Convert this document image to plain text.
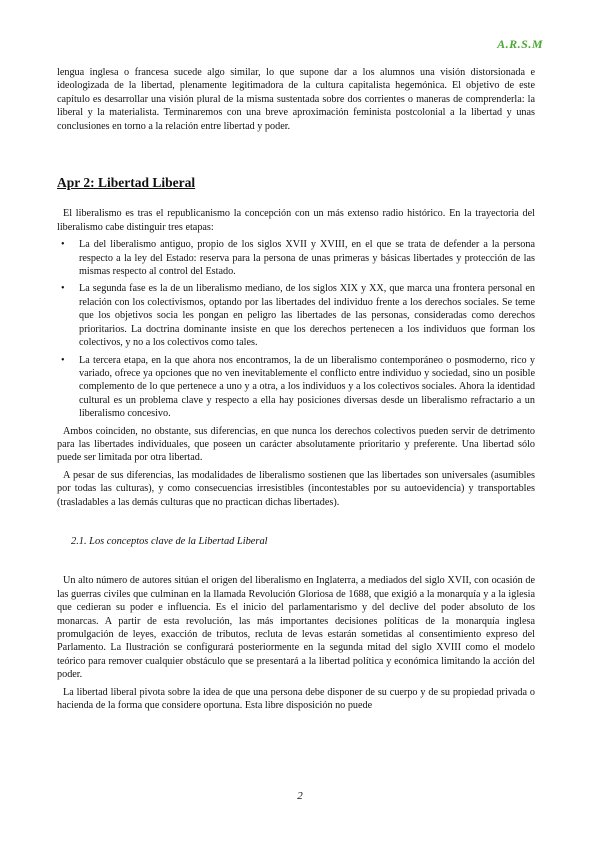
A.R.S.M

lengua inglesa o francesa sucede algo similar, lo que supone dar a los alumnos una visión distorsionada e ideologizada de la libertad, plenamente legitimadora de la cultura capitalista hegemónica. El objetivo de este capítulo es desarrollar una visión plural de la misma sustentada sobre dos corrientes o maneras de comprenderla: la liberal y la materialista. Terminaremos con una breve aproximación feminista postcolonial a la libertad y unas conclusiones en torno a la relación entre libertad y poder.

Apr 2: Libertad Liberal

El liberalismo es tras el republicanismo la concepción con un más extenso radio histórico. En la trayectoria del liberalismo cabe distinguir tres etapas:

• La del liberalismo antiguo, propio de los siglos XVII y XVIII, en el que se trata de defender a la persona respecto a la ley del Estado: reserva para la persona de unas primeras y básicas libertades y protección de las mismas respecto al control del Estado.
• La segunda fase es la de un liberalismo mediano, de los siglos XIX y XX, que marca una frontera personal en relación con los colectivismos, optando por las libertades del individuo frente a los derechos sociales. Se teme que los objetivos socia les pongan en peligro las libertades de las personas, consideradas como derechos prioritarios. La doctrina dominante insiste en que los derechos pertenecen a los individuos que forman los colectivos, y no a los colectivos como tales.
• La tercera etapa, en la que ahora nos encontramos, la de un liberalismo contemporáneo o posmoderno, rico y variado, ofrece ya opciones que no ven inevitablemente el conflicto entre individuo y sociedad, sino un posible complemento de lo que pertenece a uno y a otra, a los individuos y a los colectivos sociales. Ahora la identidad cultural es un problema clave y respecto a ella hay posiciones diversas desde un liberalismo refractario a un liberalismo concesivo.

Ambos coinciden, no obstante, sus diferencias, en que nunca los derechos colectivos pueden servir de detrimento para las libertades individuales, que poseen un carácter absolutamente prioritario y preferente. Una libertad sólo puede ser limitada por otra libertad.

A pesar de sus diferencias, las modalidades de liberalismo sostienen que las libertades son universales (asumibles por todas las culturas), y como consecuencias irresistibles (incontestables por su autoevidencia) y transportables (trasladables a las demás culturas que no practican dichas libertades).

2.1. Los conceptos clave de la Libertad Liberal

Un alto número de autores sitúan el origen del liberalismo en Inglaterra, a mediados del siglo XVII, con ocasión de las guerras civiles que culminan en la llamada Revolución Gloriosa de 1688, que exigió a la monarquía y a la iglesia que cedieran su poder e influencia. Es el inicio del parlamentarismo y del declive del poder absoluto de los monarcas. A partir de esta revolución, las más importantes decisiones políticas de la monarquía inglesa promulgación de leyes, exacción de tributos, recluta de levas estarán sometidas al consentimiento expreso del Parlamento. La Ilustración se configurará posteriormente en la segunda mitad del siglo XVIII como el modelo teórico para remover cualquier obstáculo que se presentará a la libertad política y económica limitando la acción del poder.

La libertad liberal pivota sobre la idea de que una persona debe disponer de su cuerpo y de su propiedad privada o hacienda de la forma que considere oportuna. Esta libre disposición no puede

2
